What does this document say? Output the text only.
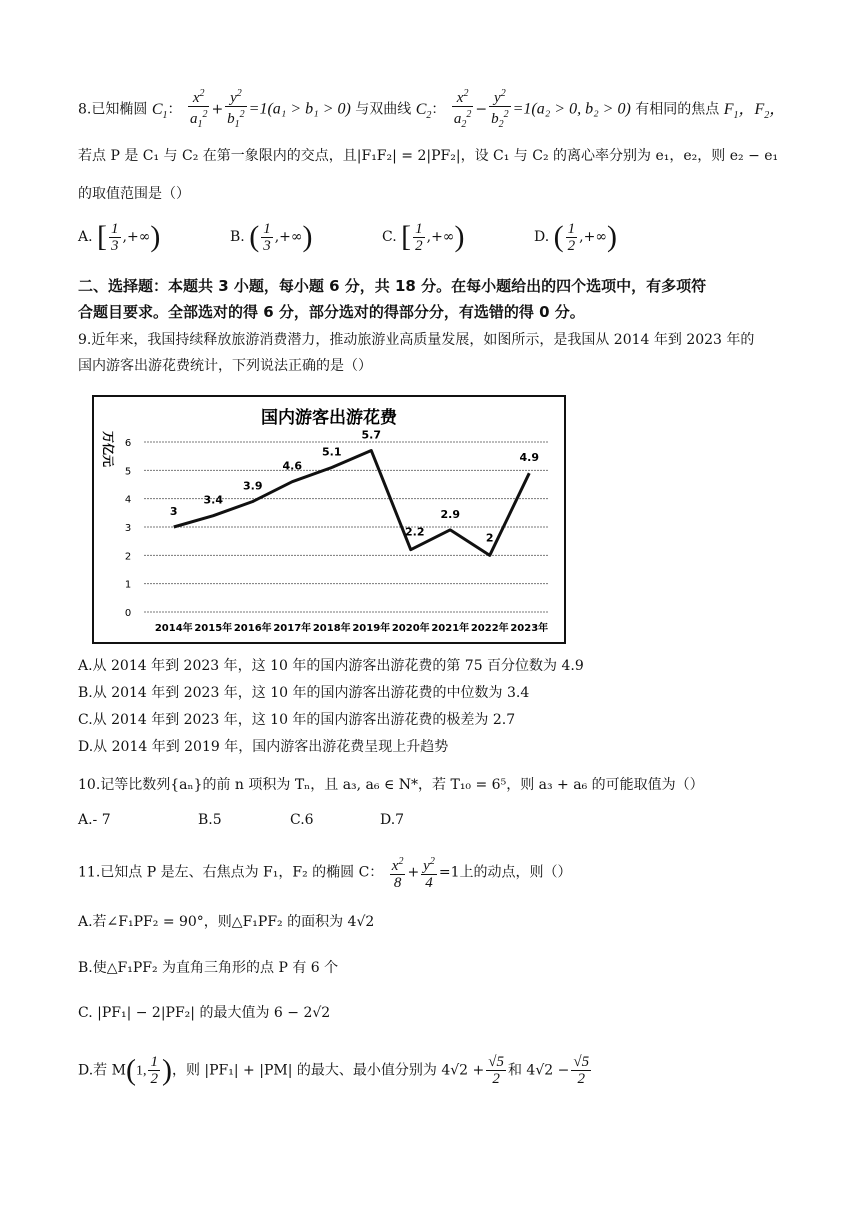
8.已知椭圆 $C_1$： $\frac{x^2}{a_1^2} + \frac{y^2}{b_1^2} =1(a_1 > b_1 > 0)$ 与双曲线 $C_2$： $\frac{x^2}{a_2^2} - \frac{y^2}{b_2^2} =1(a_2 > 0$, b₂ > 0) 有相同的焦点 $F_1$，$F_2$，
若点 P 是 C₁ 与 C₂ 在第一象限内的交点，且|F₁F₂| = 2|PF₂|，设 C₁ 与 C₂ 的离心率分别为 e₁，e₂，则 e₂ − e₁
的取值范围是（）
A. [ $\frac{1}{3}$ ,+∞)	B. ( $\frac{1}{3}$ ,+∞)	C. [ $\frac{1}{2}$ ,+∞)	D. ( $\frac{1}{2}$ ,+∞)
二、选择题：本题共 3 小题，每小题 6 分，共 18 分。在每小题给出的四个选项中，有多项符
合题目要求。全部选对的得 6 分，部分选对的得部分分，有选错的得 0 分。
9.近年来，我国持续释放旅游消费潜力，推动旅游业高质量发展，如图所示，是我国从 2014 年到 2023 年的
国内游客出游花费统计，下列说法正确的是（）
国内游客出游花费
万亿元
0
1
2
3
4
5
6
2014年 2015年 2016年 2017年 2018年 2019年 2020年 2021年 2022年 2023年
3
3.4
3.9
4.6
5.1
5.7
2.2
2.9
2
4.9
A.从 2014 年到 2023 年，这 10 年的国内游客出游花费的第 75 百分位数为 4.9
B.从 2014 年到 2023 年，这 10 年的国内游客出游花费的中位数为 3.4
C.从 2014 年到 2023 年，这 10 年的国内游客出游花费的极差为 2.7
D.从 2014 年到 2019 年，国内游客出游花费呈现上升趋势
10.记等比数列{aₙ}的前 n 项积为 Tₙ，且 a₃, a₆ ∈ N*，若 T₁₀ = 6⁵，则 a₃ + a₆ 的可能取值为（）
A.- 7	B.5	C.6	D.7
11.已知点 P 是左、右焦点为 F₁，F₂ 的椭圆 C： $\frac{x^2}{8} + \frac{y^2}{4} =1$上的动点，则（）
A.若∠F₁PF₂ = 90°，则△F₁PF₂ 的面积为 4√2
B.使△F₁PF₂ 为直角三角形的点 P 有 6 个
C. |PF₁| − 2|PF₂| 的最大值为 6 − 2√2
D.若 M(1, $\frac{1}{2}$ )，则 |PF₁| + |PM| 的最大、最小值分别为 $4√2 + \frac{√5}{2}$ 和 $4√2 - \frac{√5}{2}$
